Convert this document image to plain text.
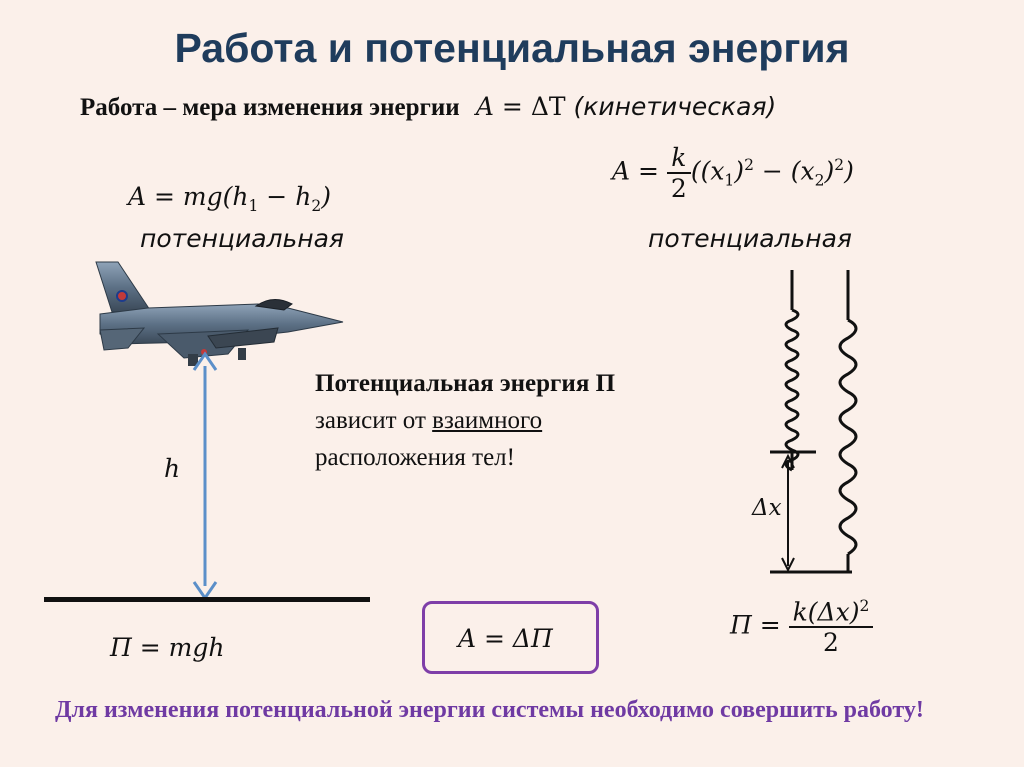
Работа и потенциальная энергия
Работа – мера изменения энергии A = ΔT (кинетическая)
$A = mg(h_1 - h_2)$
потенциальная
$A = \frac{k}{2} ((x_1)^2 - (x_2)^2)$
потенциальная
h
П = mgh	A = ΔП
Потенциальная энергия П
зависит от взаимного
расположения тел!
Δx
$П = \frac{k(\Delta x)^2}{2}$
Для изменения потенциальной энергии системы необходимо совершить работу!
